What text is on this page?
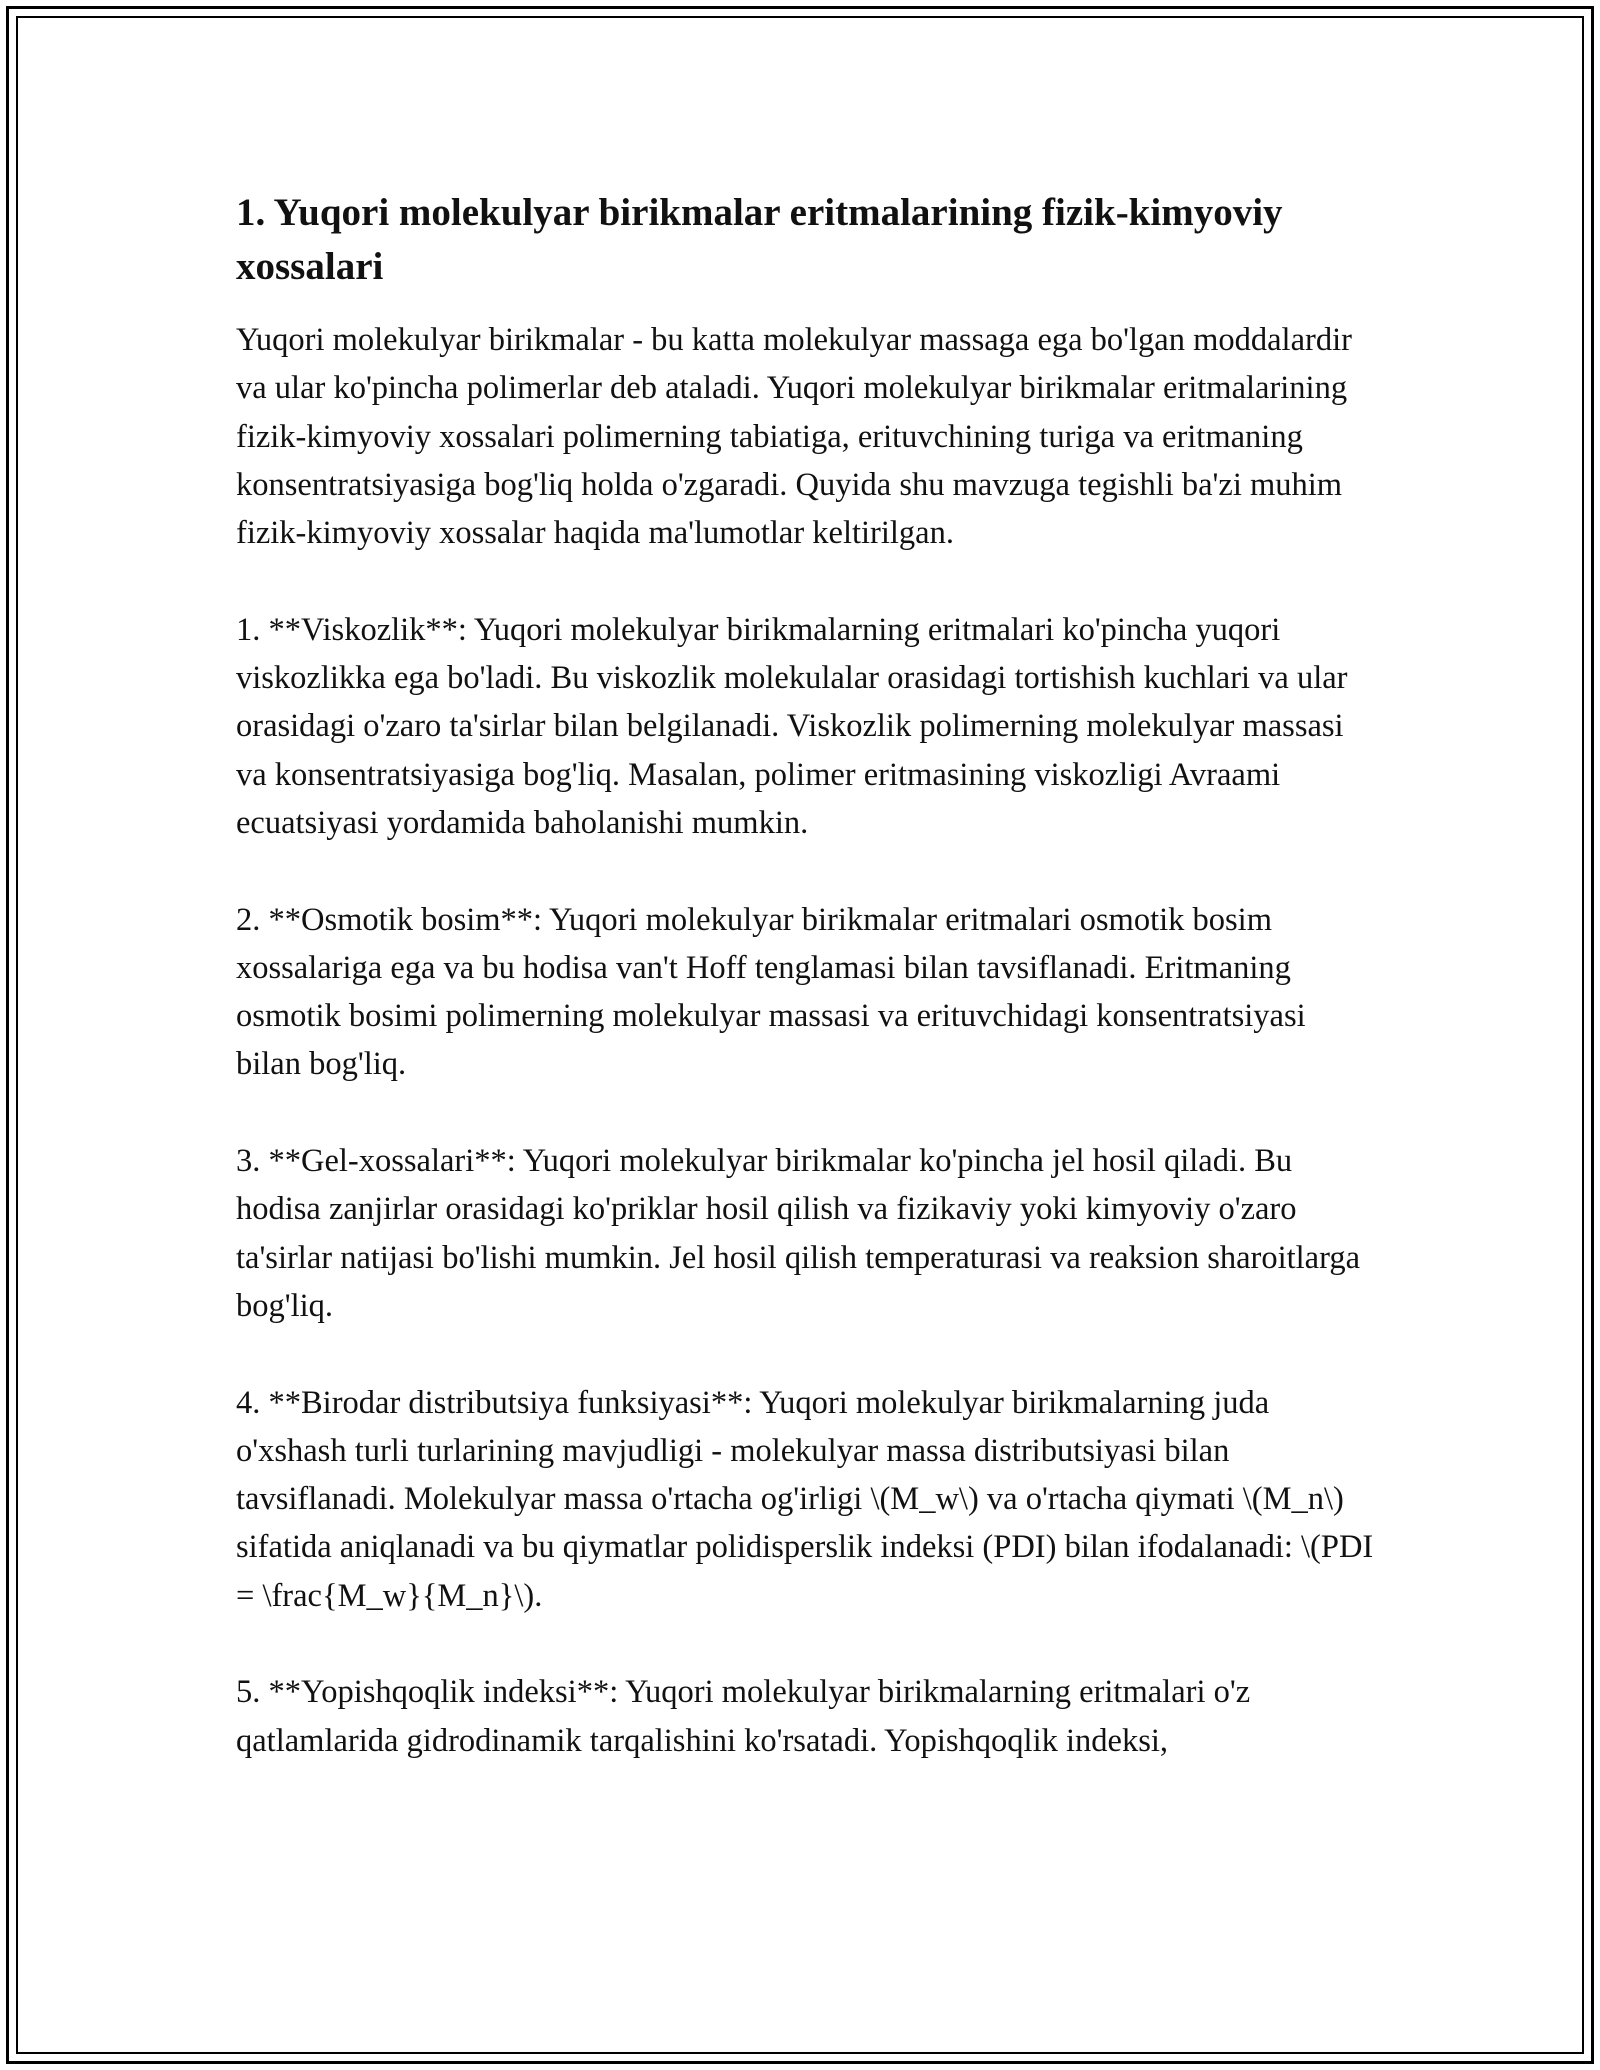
1. Yuqori molekulyar birikmalar eritmalarining fizik-kimyoviy xossalari

Yuqori molekulyar birikmalar - bu katta molekulyar massaga ega bo'lgan moddalardir va ular ko'pincha polimerlar deb ataladi. Yuqori molekulyar birikmalar eritmalarining fizik-kimyoviy xossalari polimerning tabiatiga, erituvchining turiga va eritmaning konsentratsiyasiga bog'liq holda o'zgaradi. Quyida shu mavzuga tegishli ba'zi muhim fizik-kimyoviy xossalar haqida ma'lumotlar keltirilgan.

1. **Viskozlik**: Yuqori molekulyar birikmalarning eritmalari ko'pincha yuqori viskozlikka ega bo'ladi. Bu viskozlik molekulalar orasidagi tortishish kuchlari va ular orasidagi o'zaro ta'sirlar bilan belgilanadi. Viskozlik polimerning molekulyar massasi va konsentratsiyasiga bog'liq. Masalan, polimer eritmasining viskozligi Avraami ecuatsiyasi yordamida baholanishi mumkin.

2. **Osmotik bosim**: Yuqori molekulyar birikmalar eritmalari osmotik bosim xossalariga ega va bu hodisa van't Hoff tenglamasi bilan tavsiflanadi. Eritmaning osmotik bosimi polimerning molekulyar massasi va erituvchidagi konsentratsiyasi bilan bog'liq.

3. **Gel-xossalari**: Yuqori molekulyar birikmalar ko'pincha jel hosil qiladi. Bu hodisa zanjirlar orasidagi ko'priklar hosil qilish va fizikaviy yoki kimyoviy o'zaro ta'sirlar natijasi bo'lishi mumkin. Jel hosil qilish temperaturasi va reaksion sharoitlarga bog'liq.

4. **Birodar distributsiya funksiyasi**: Yuqori molekulyar birikmalarning juda o'xshash turli turlarining mavjudligi - molekulyar massa distributsiyasi bilan tavsiflanadi. Molekulyar massa o'rtacha og'irligi \(M_w\) va o'rtacha qiymati \(M_n\) sifatida aniqlanadi va bu qiymatlar polidisperslik indeksi (PDI) bilan ifodalanadi: \(PDI = \frac{M_w}{M_n}\).

5. **Yopishqoqlik indeksi**: Yuqori molekulyar birikmalarning eritmalari o'z qatlamlarida gidrodinamik tarqalishini ko'rsatadi. Yopishqoqlik indeksi,
